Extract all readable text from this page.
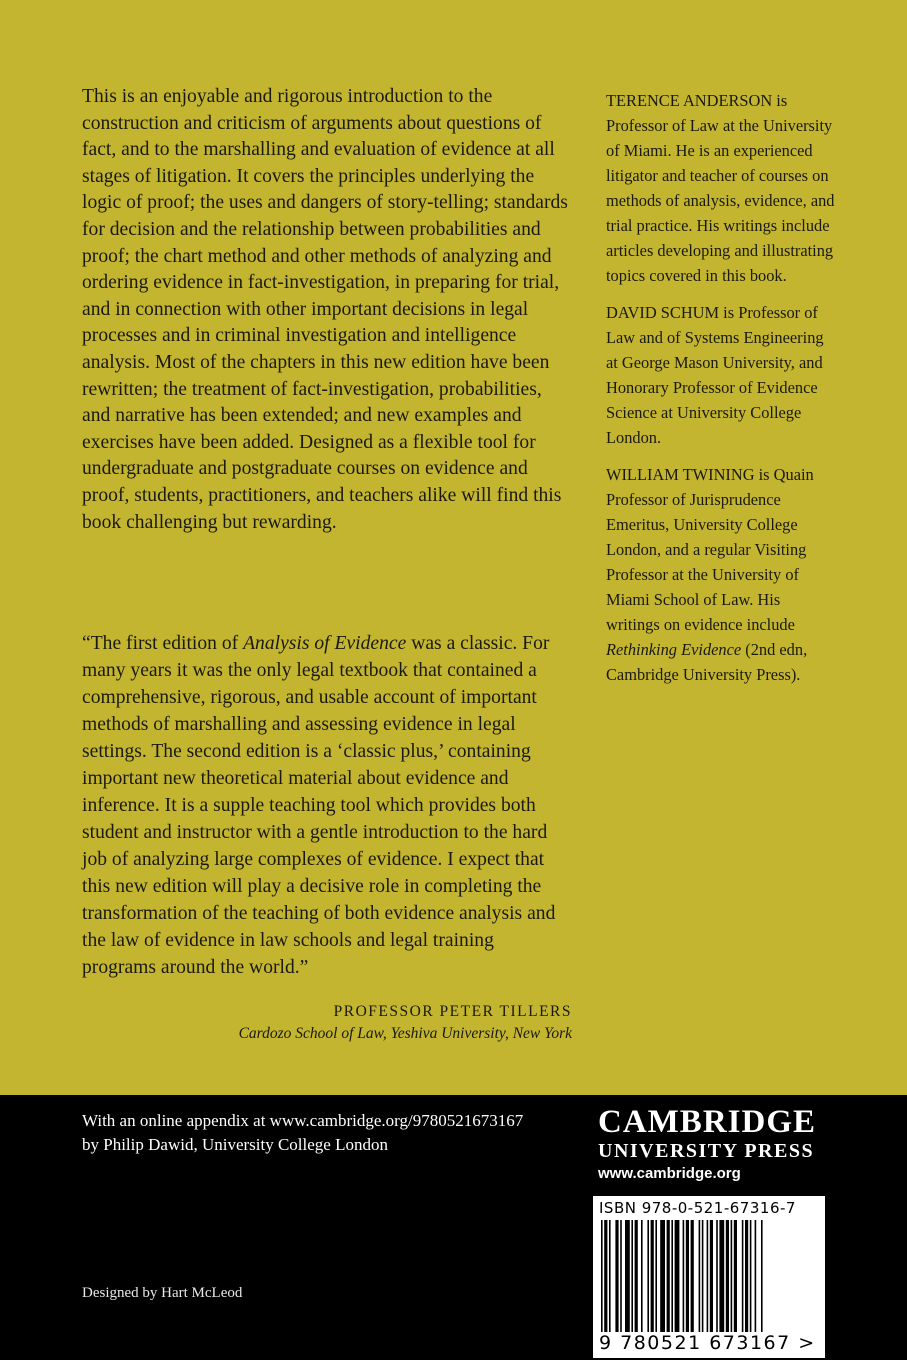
This is an enjoyable and rigorous introduction to the construction and criticism of arguments about questions of fact, and to the marshalling and evaluation of evidence at all stages of litigation. It covers the principles underlying the logic of proof; the uses and dangers of story-telling; standards for decision and the relationship between probabilities and proof; the chart method and other methods of analyzing and ordering evidence in fact-investigation, in preparing for trial, and in connection with other important decisions in legal processes and in criminal investigation and intelligence analysis. Most of the chapters in this new edition have been rewritten; the treatment of fact-investigation, probabilities, and narrative has been extended; and new examples and exercises have been added. Designed as a flexible tool for undergraduate and postgraduate courses on evidence and proof, students, practitioners, and teachers alike will find this book challenging but rewarding.

“The first edition of Analysis of Evidence was a classic. For many years it was the only legal textbook that contained a comprehensive, rigorous, and usable account of important methods of marshalling and assessing evidence in legal settings. The second edition is a ‘classic plus,’ containing important new theoretical material about evidence and inference. It is a supple teaching tool which provides both student and instructor with a gentle introduction to the hard job of analyzing large complexes of evidence. I expect that this new edition will play a decisive role in completing the transformation of the teaching of both evidence analysis and the law of evidence in law schools and legal training programs around the world.”

PROFESSOR PETER TILLERS
Cardozo School of Law, Yeshiva University, New York

TERENCE ANDERSON is Professor of Law at the University of Miami. He is an experienced litigator and teacher of courses on methods of analysis, evidence, and trial practice. His writings include articles developing and illustrating topics covered in this book.

DAVID SCHUM is Professor of Law and of Systems Engineering at George Mason University, and Honorary Professor of Evidence Science at University College London.

WILLIAM TWINING is Quain Professor of Jurisprudence Emeritus, University College London, and a regular Visiting Professor at the University of Miami School of Law. His writings on evidence include Rethinking Evidence (2nd edn, Cambridge University Press).

With an online appendix at www.cambridge.org/9780521673167
by Philip Dawid, University College London
Designed by Hart McLeod
CAMBRIDGE
UNIVERSITY PRESS
www.cambridge.org
ISBN 978-0-521-67316-7
9 780521 673167 >
